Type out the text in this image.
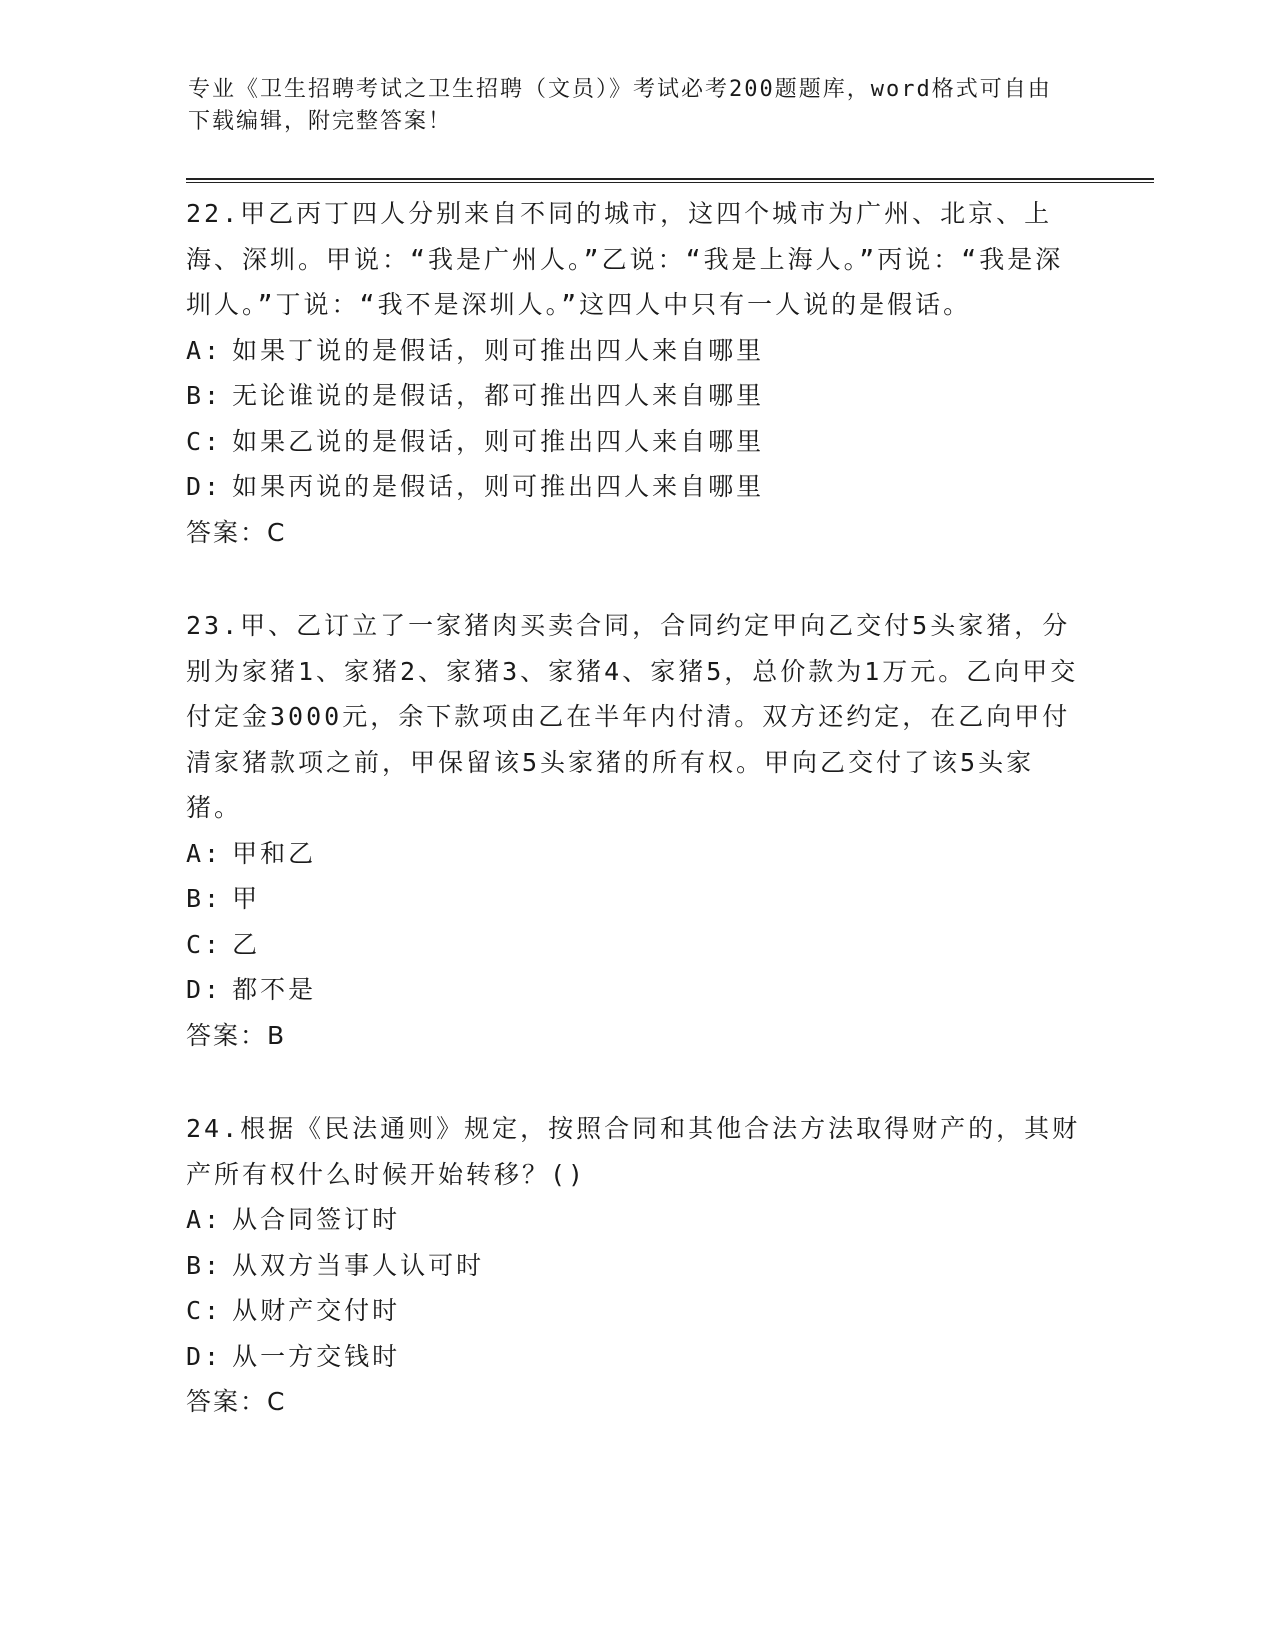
专业《卫生招聘考试之卫生招聘（文员）》考试必考200题题库，word格式可自由下载编辑，附完整答案！

22.甲乙丙丁四人分别来自不同的城市，这四个城市为广州、北京、上海、深圳。甲说：“我是广州人。”乙说：“我是上海人。”丙说：“我是深圳人。”丁说：“我不是深圳人。”这四人中只有一人说的是假话。

A: 如果丁说的是假话，则可推出四人来自哪里

B: 无论谁说的是假话，都可推出四人来自哪里

C: 如果乙说的是假话，则可推出四人来自哪里

D: 如果丙说的是假话，则可推出四人来自哪里

答案：C

23.甲、乙订立了一家猪肉买卖合同，合同约定甲向乙交付5头家猪，分别为家猪1、家猪2、家猪3、家猪4、家猪5，总价款为1万元。乙向甲交付定金3000元，余下款项由乙在半年内付清。双方还约定，在乙向甲付清家猪款项之前，甲保留该5头家猪的所有权。甲向乙交付了该5头家猪。

A: 甲和乙

B: 甲

C: 乙

D: 都不是

答案：B

24.根据《民法通则》规定，按照合同和其他合法方法取得财产的，其财产所有权什么时候开始转移？()

A: 从合同签订时

B: 从双方当事人认可时

C: 从财产交付时

D: 从一方交钱时

答案：C
